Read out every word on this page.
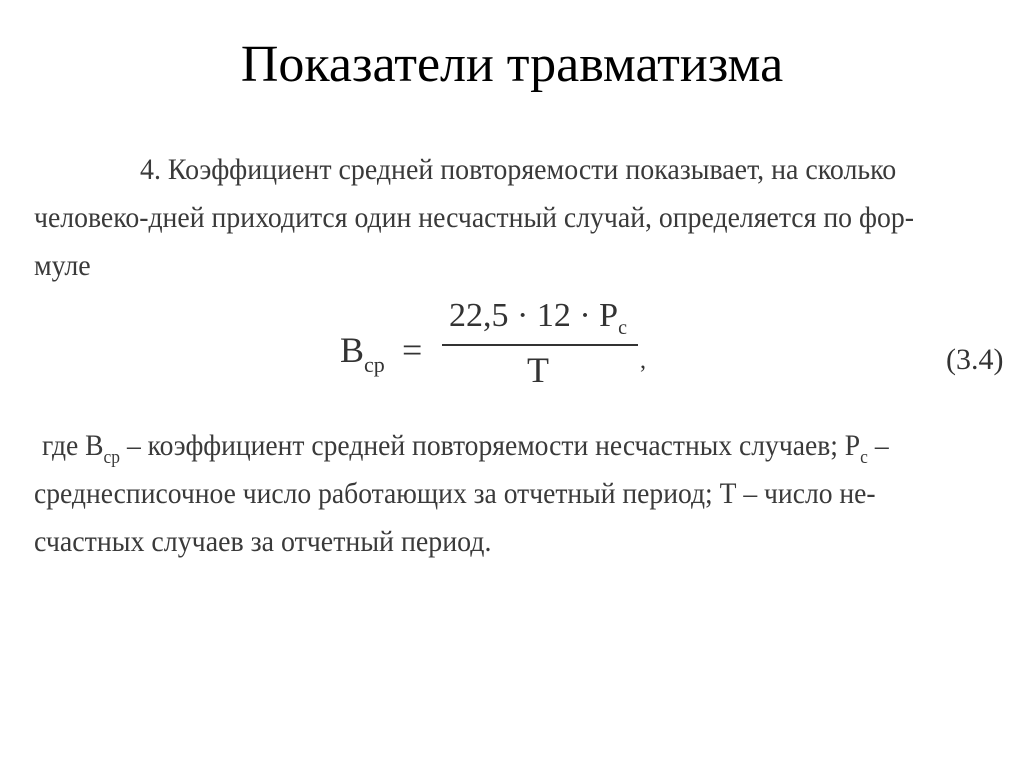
Показатели травматизма
4. Коэффициент средней повторяемости показывает, на сколько
человеко-дней приходится один несчастный случай, определяется по фор-
муле
$В_{ср}$ =
$22,5 \cdot 12 \cdot Р_с$
Т	,	(3.4)
где $В_{ср}$ – коэффициент средней повторяемости несчастных случаев; $Р_с$ –
среднесписочное число работающих за отчетный период; Т – число не-
счастных случаев за отчетный период.
